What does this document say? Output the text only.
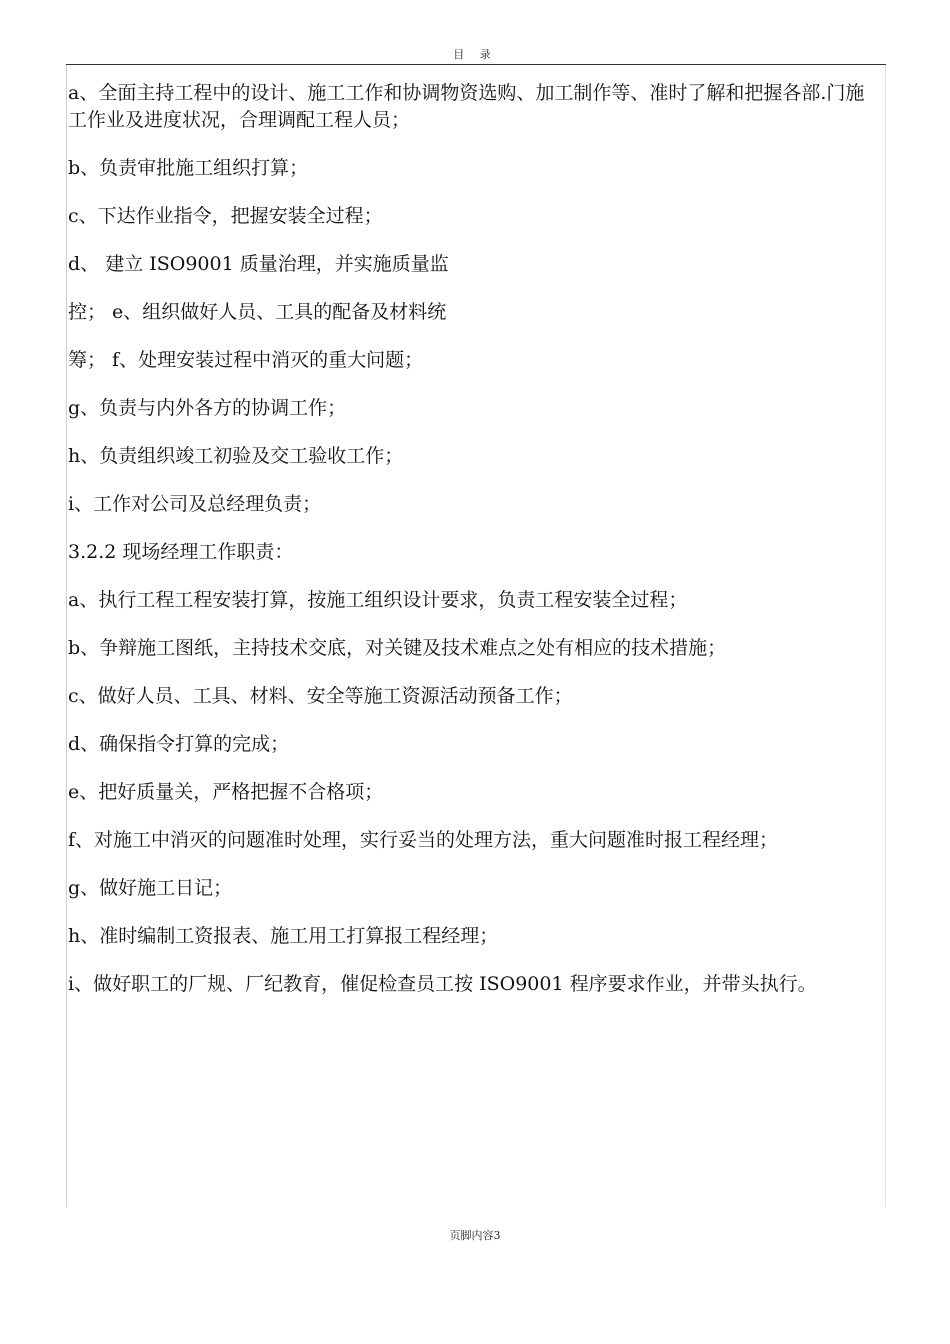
目 录

a、全面主持工程中的设计、施工工作和协调物资选购、加工制作等、准时了解和把握各部.门施工作业及进度状况，合理调配工程人员；

b、负责审批施工组织打算；

c、下达作业指令，把握安装全过程；

d、 建立 ISO9001 质量治理，并实施质量监

控； e、组织做好人员、工具的配备及材料统

筹； f、处理安装过程中消灭的重大问题；

g、负责与内外各方的协调工作；

h、负责组织竣工初验及交工验收工作；

i、工作对公司及总经理负责；

3.2.2 现场经理工作职责：

a、执行工程工程安装打算，按施工组织设计要求，负责工程安装全过程；

b、争辩施工图纸，主持技术交底，对关键及技术难点之处有相应的技术措施；

c、做好人员、工具、材料、安全等施工资源活动预备工作；

d、确保指令打算的完成；

e、把好质量关，严格把握不合格项；

f、对施工中消灭的问题准时处理，实行妥当的处理方法，重大问题准时报工程经理；

g、做好施工日记；

h、准时编制工资报表、施工用工打算报工程经理；

i、做好职工的厂规、厂纪教育，催促检查员工按 ISO9001 程序要求作业，并带头执行。

页脚内容3
